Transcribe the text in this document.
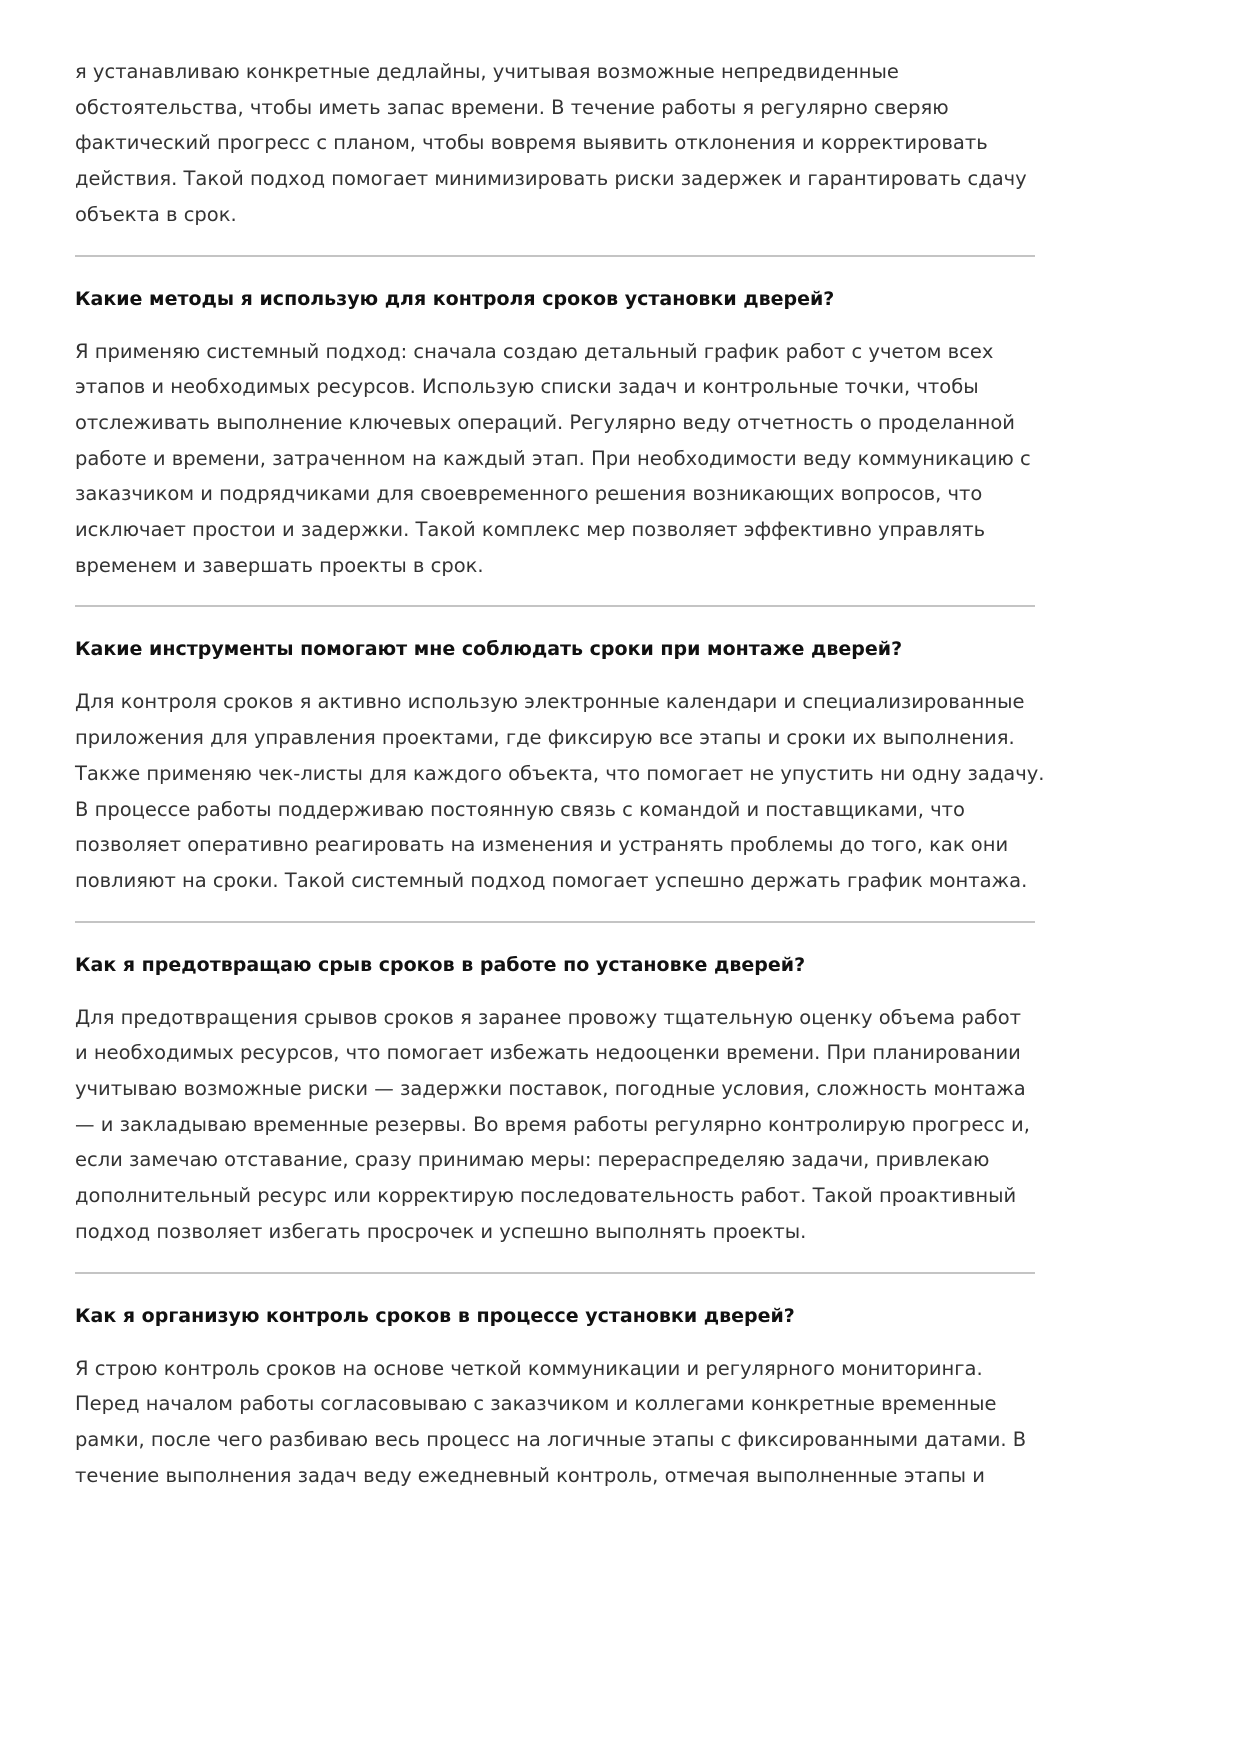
я устанавливаю конкретные дедлайны, учитывая возможные непредвиденные
обстоятельства, чтобы иметь запас времени. В течение работы я регулярно сверяю
фактический прогресс с планом, чтобы вовремя выявить отклонения и корректировать
действия. Такой подход помогает минимизировать риски задержек и гарантировать сдачу
объекта в срок.
Какие методы я использую для контроля сроков установки дверей?
Я применяю системный подход: сначала создаю детальный график работ с учетом всех
этапов и необходимых ресурсов. Использую списки задач и контрольные точки, чтобы
отслеживать выполнение ключевых операций. Регулярно веду отчетность о проделанной
работе и времени, затраченном на каждый этап. При необходимости веду коммуникацию с
заказчиком и подрядчиками для своевременного решения возникающих вопросов, что
исключает простои и задержки. Такой комплекс мер позволяет эффективно управлять
временем и завершать проекты в срок.
Какие инструменты помогают мне соблюдать сроки при монтаже дверей?
Для контроля сроков я активно использую электронные календари и специализированные
приложения для управления проектами, где фиксирую все этапы и сроки их выполнения.
Также применяю чек-листы для каждого объекта, что помогает не упустить ни одну задачу.
В процессе работы поддерживаю постоянную связь с командой и поставщиками, что
позволяет оперативно реагировать на изменения и устранять проблемы до того, как они
повлияют на сроки. Такой системный подход помогает успешно держать график монтажа.
Как я предотвращаю срыв сроков в работе по установке дверей?
Для предотвращения срывов сроков я заранее провожу тщательную оценку объема работ
и необходимых ресурсов, что помогает избежать недооценки времени. При планировании
учитываю возможные риски — задержки поставок, погодные условия, сложность монтажа
— и закладываю временные резервы. Во время работы регулярно контролирую прогресс и,
если замечаю отставание, сразу принимаю меры: перераспределяю задачи, привлекаю
дополнительный ресурс или корректирую последовательность работ. Такой проактивный
подход позволяет избегать просрочек и успешно выполнять проекты.
Как я организую контроль сроков в процессе установки дверей?
Я строю контроль сроков на основе четкой коммуникации и регулярного мониторинга.
Перед началом работы согласовываю с заказчиком и коллегами конкретные временные
рамки, после чего разбиваю весь процесс на логичные этапы с фиксированными датами. В
течение выполнения задач веду ежедневный контроль, отмечая выполненные этапы и
